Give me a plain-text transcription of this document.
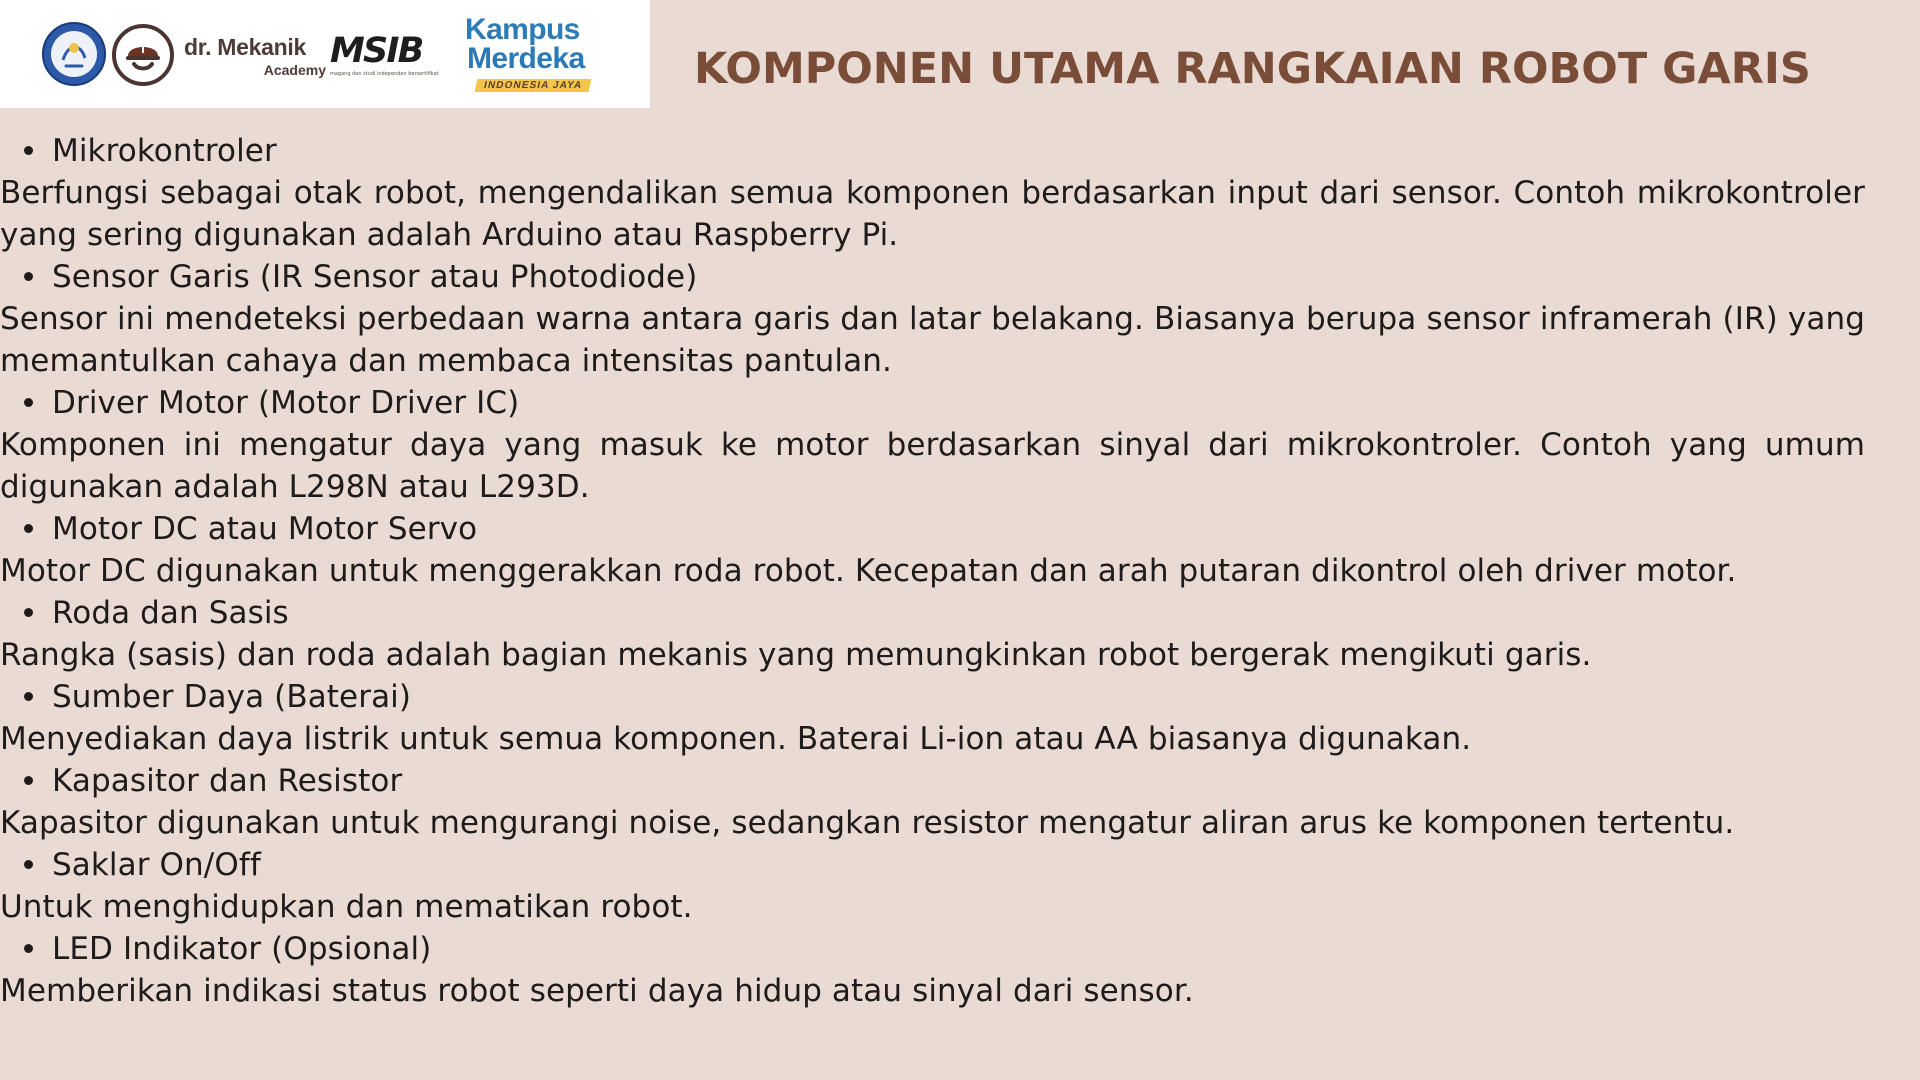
dr. Mekanik
Academy MSIB
magang dan studi independen bersertifikat
Kampus
Merdeka
INDONESIA JAYA	KOMPONEN UTAMA RANGKAIAN ROBOT GARIS

Mikrokontroler

Berfungsi sebagai otak robot, mengendalikan semua komponen berdasarkan input dari sensor. Contoh mikrokontroler yang sering digunakan adalah Arduino atau Raspberry Pi.

Sensor Garis (IR Sensor atau Photodiode)

Sensor ini mendeteksi perbedaan warna antara garis dan latar belakang. Biasanya berupa sensor inframerah (IR) yang memantulkan cahaya dan membaca intensitas pantulan.

Driver Motor (Motor Driver IC)

Komponen ini mengatur daya yang masuk ke motor berdasarkan sinyal dari mikrokontroler. Contoh yang umum digunakan adalah L298N atau L293D.

Motor DC atau Motor Servo

Motor DC digunakan untuk menggerakkan roda robot. Kecepatan dan arah putaran dikontrol oleh driver motor.

Roda dan Sasis

Rangka (sasis) dan roda adalah bagian mekanis yang memungkinkan robot bergerak mengikuti garis.

Sumber Daya (Baterai)

Menyediakan daya listrik untuk semua komponen. Baterai Li-ion atau AA biasanya digunakan.

Kapasitor dan Resistor

Kapasitor digunakan untuk mengurangi noise, sedangkan resistor mengatur aliran arus ke komponen tertentu.

Saklar On/Off

Untuk menghidupkan dan mematikan robot.

LED Indikator (Opsional)

Memberikan indikasi status robot seperti daya hidup atau sinyal dari sensor.
